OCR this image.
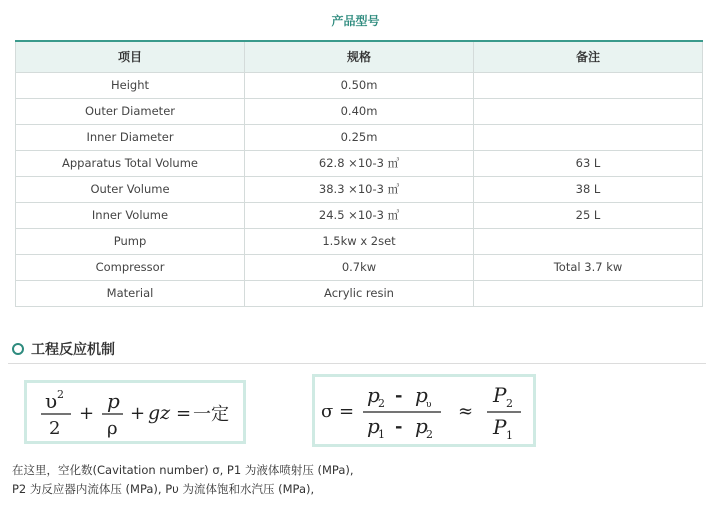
产品型号
项目	规格	备注
Height	0.50m	
Outer Diameter	0.40m	
Inner Diameter	0.25m	
Apparatus Total Volume	62.8 ×10-3 ㎥	63 L
Outer Volume	38.3 ×10-3 ㎥	38 L
Inner Volume	24.5 ×10-3 ㎥	25 L
Pump	1.5kw x 2set	
Compressor	0.7kw	Total 3.7 kw
Material	Acrylic resin	
工程反应机制
υ 2
2
+
p
ρ
+ gz = 一定	σ =
p
2 - p
υ
p
1 - p
2
≈
P 2
P 1
在这里，空化数(Cavitation number) σ, P1 为液体喷射压 (MPa),
P2 为反应器内流体压 (MPa), Pυ 为流体饱和水汽压 (MPa),
